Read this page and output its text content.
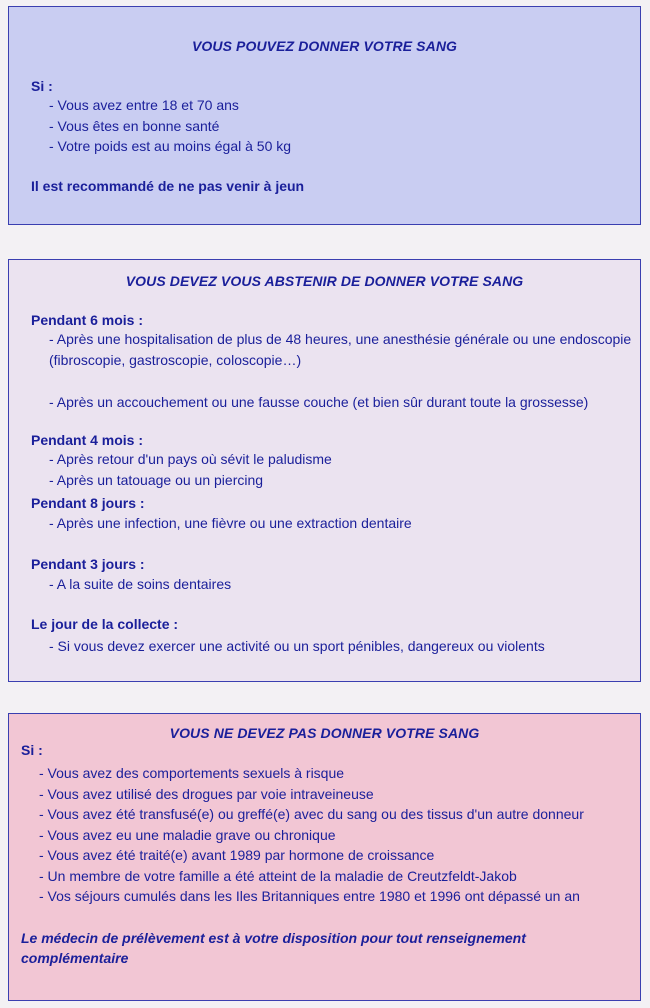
VOUS POUVEZ DONNER VOTRE SANG
Si :
- Vous avez entre 18 et 70 ans
- Vous êtes en bonne santé
- Votre poids est au moins égal à 50 kg
Il est recommandé de ne pas venir à jeun
VOUS DEVEZ VOUS ABSTENIR DE DONNER VOTRE SANG
Pendant 6 mois :
- Après une hospitalisation de plus de 48 heures, une anesthésie générale ou une endoscopie (fibroscopie, gastroscopie, coloscopie…)
- Après un accouchement ou une fausse couche (et bien sûr durant toute la grossesse)
Pendant 4 mois :
- Après retour d'un pays où sévit le paludisme
- Après un tatouage ou un piercing
Pendant 8 jours :
- Après une infection, une fièvre ou une extraction dentaire
Pendant 3 jours :
- A la suite de soins dentaires
Le jour de la collecte :
- Si vous devez exercer une activité ou un sport pénibles, dangereux ou violents
VOUS NE DEVEZ PAS DONNER VOTRE SANG
Si :
- Vous avez des comportements sexuels à risque
- Vous avez utilisé des drogues par voie intraveineuse
- Vous avez été transfusé(e) ou greffé(e) avec du sang ou des tissus d'un autre donneur
- Vous avez eu une maladie grave ou chronique
- Vous avez été traité(e) avant 1989 par hormone de croissance
- Un membre de votre famille a été atteint de la maladie de Creutzfeldt-Jakob
- Vos séjours cumulés dans les Iles Britanniques entre 1980 et 1996 ont dépassé un an
Le médecin de prélèvement est à votre disposition pour tout renseignement complémentaire
